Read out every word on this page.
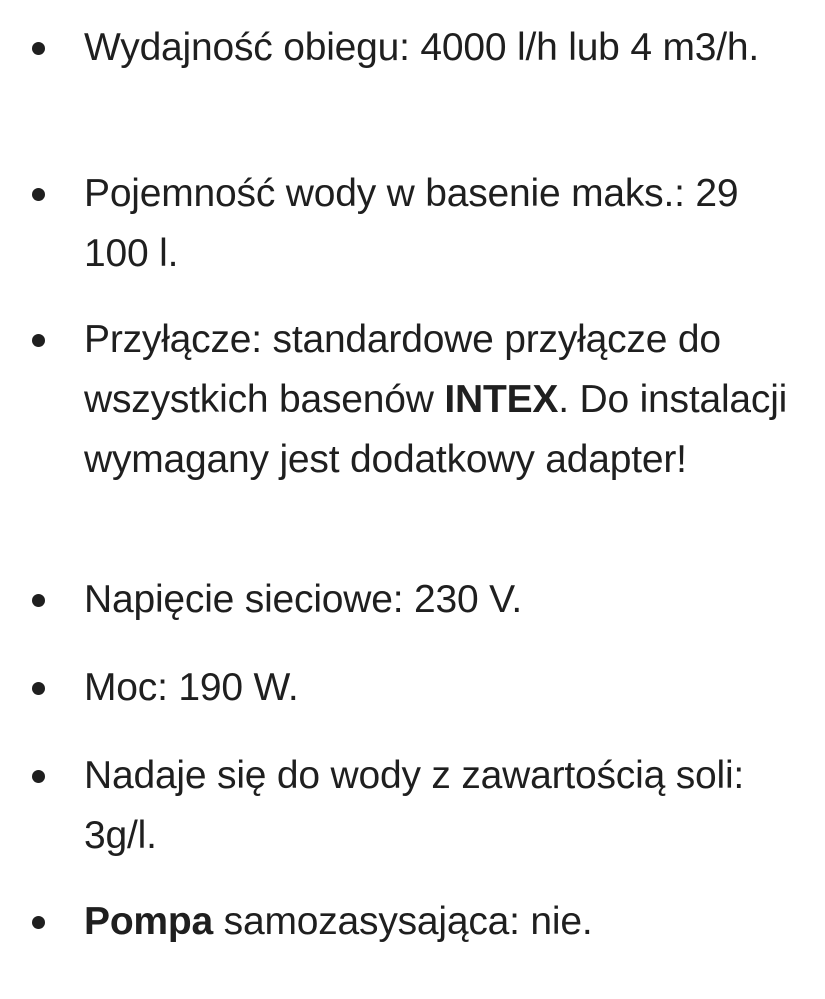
Wydajność obiegu: 4000 l/h lub 4 m3/h.
Pojemność wody w basenie maks.: 29 100 l.
Przyłącze: standardowe przyłącze do wszystkich basenów INTEX. Do instalacji wymagany jest dodatkowy adapter!
Napięcie sieciowe: 230 V.
Moc: 190 W.
Nadaje się do wody z zawartością soli: 3g/l.
Pompa samozasysająca: nie.
